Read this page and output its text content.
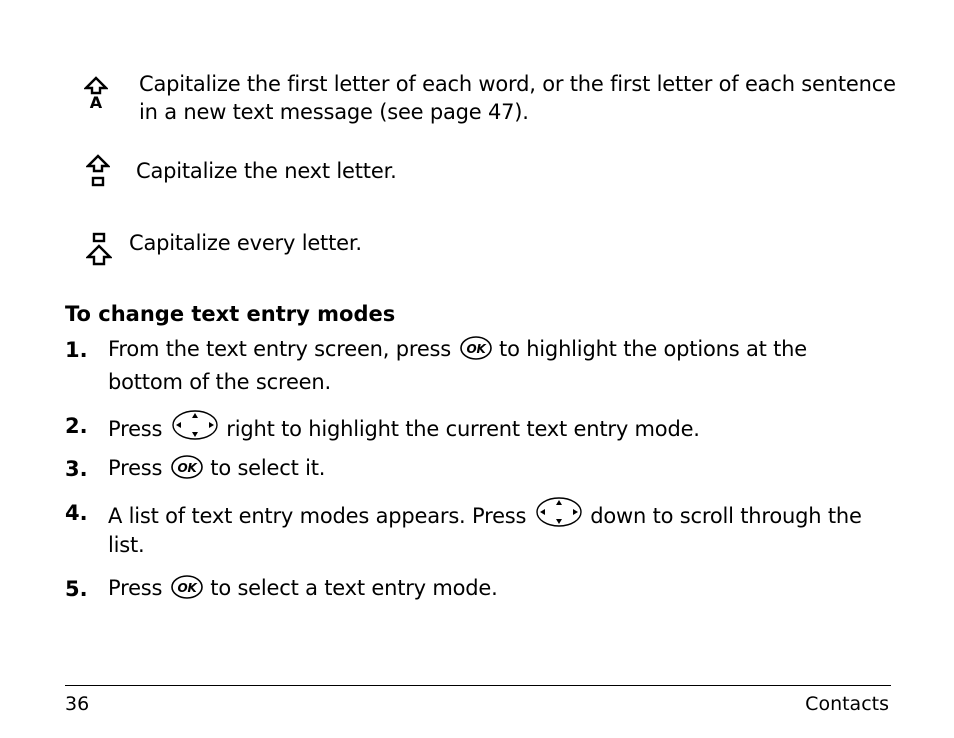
A
Capitalize the first letter of each word, or the first letter of each sentence
in a new text message (see page 47).
Capitalize the next letter.
Capitalize every letter.
To change text entry modes
1. From the text entry screen, press OK to highlight the options at the
bottom of the screen.
2. Press	right to highlight the current text entry mode.
3. Press OK to select it.
4. A list of text entry modes appears. Press	down to scroll through the
list.
5. Press OK to select a text entry mode.
36	Contacts
